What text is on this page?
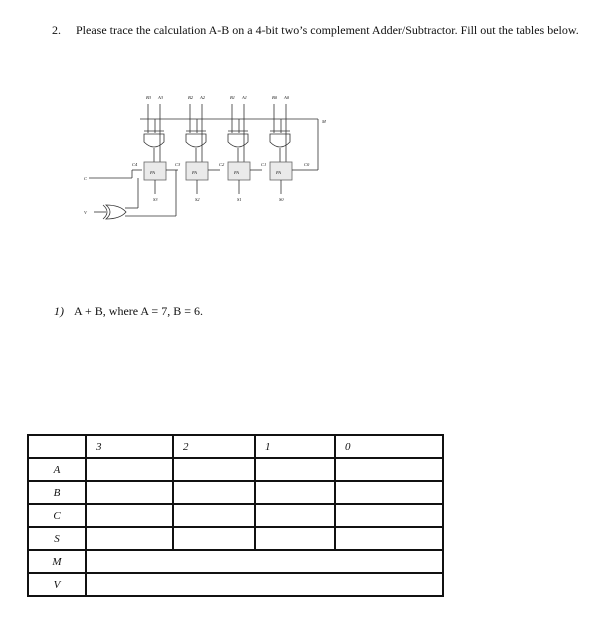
2. Please trace the calculation A-B on a 4-bit two’s complement Adder/Subtractor. Fill out the tables below.
B3	B2	B1	B0
A3	A2	A1	A0
FA	FA	FA	FA
C4	C3	C2	C1	C0
S3	S2	S1	S0
M
C
V
1) A + B, where A = 7, B = 6.
	3	2	1	0
A				
B				
C				
S				
M				
V				
